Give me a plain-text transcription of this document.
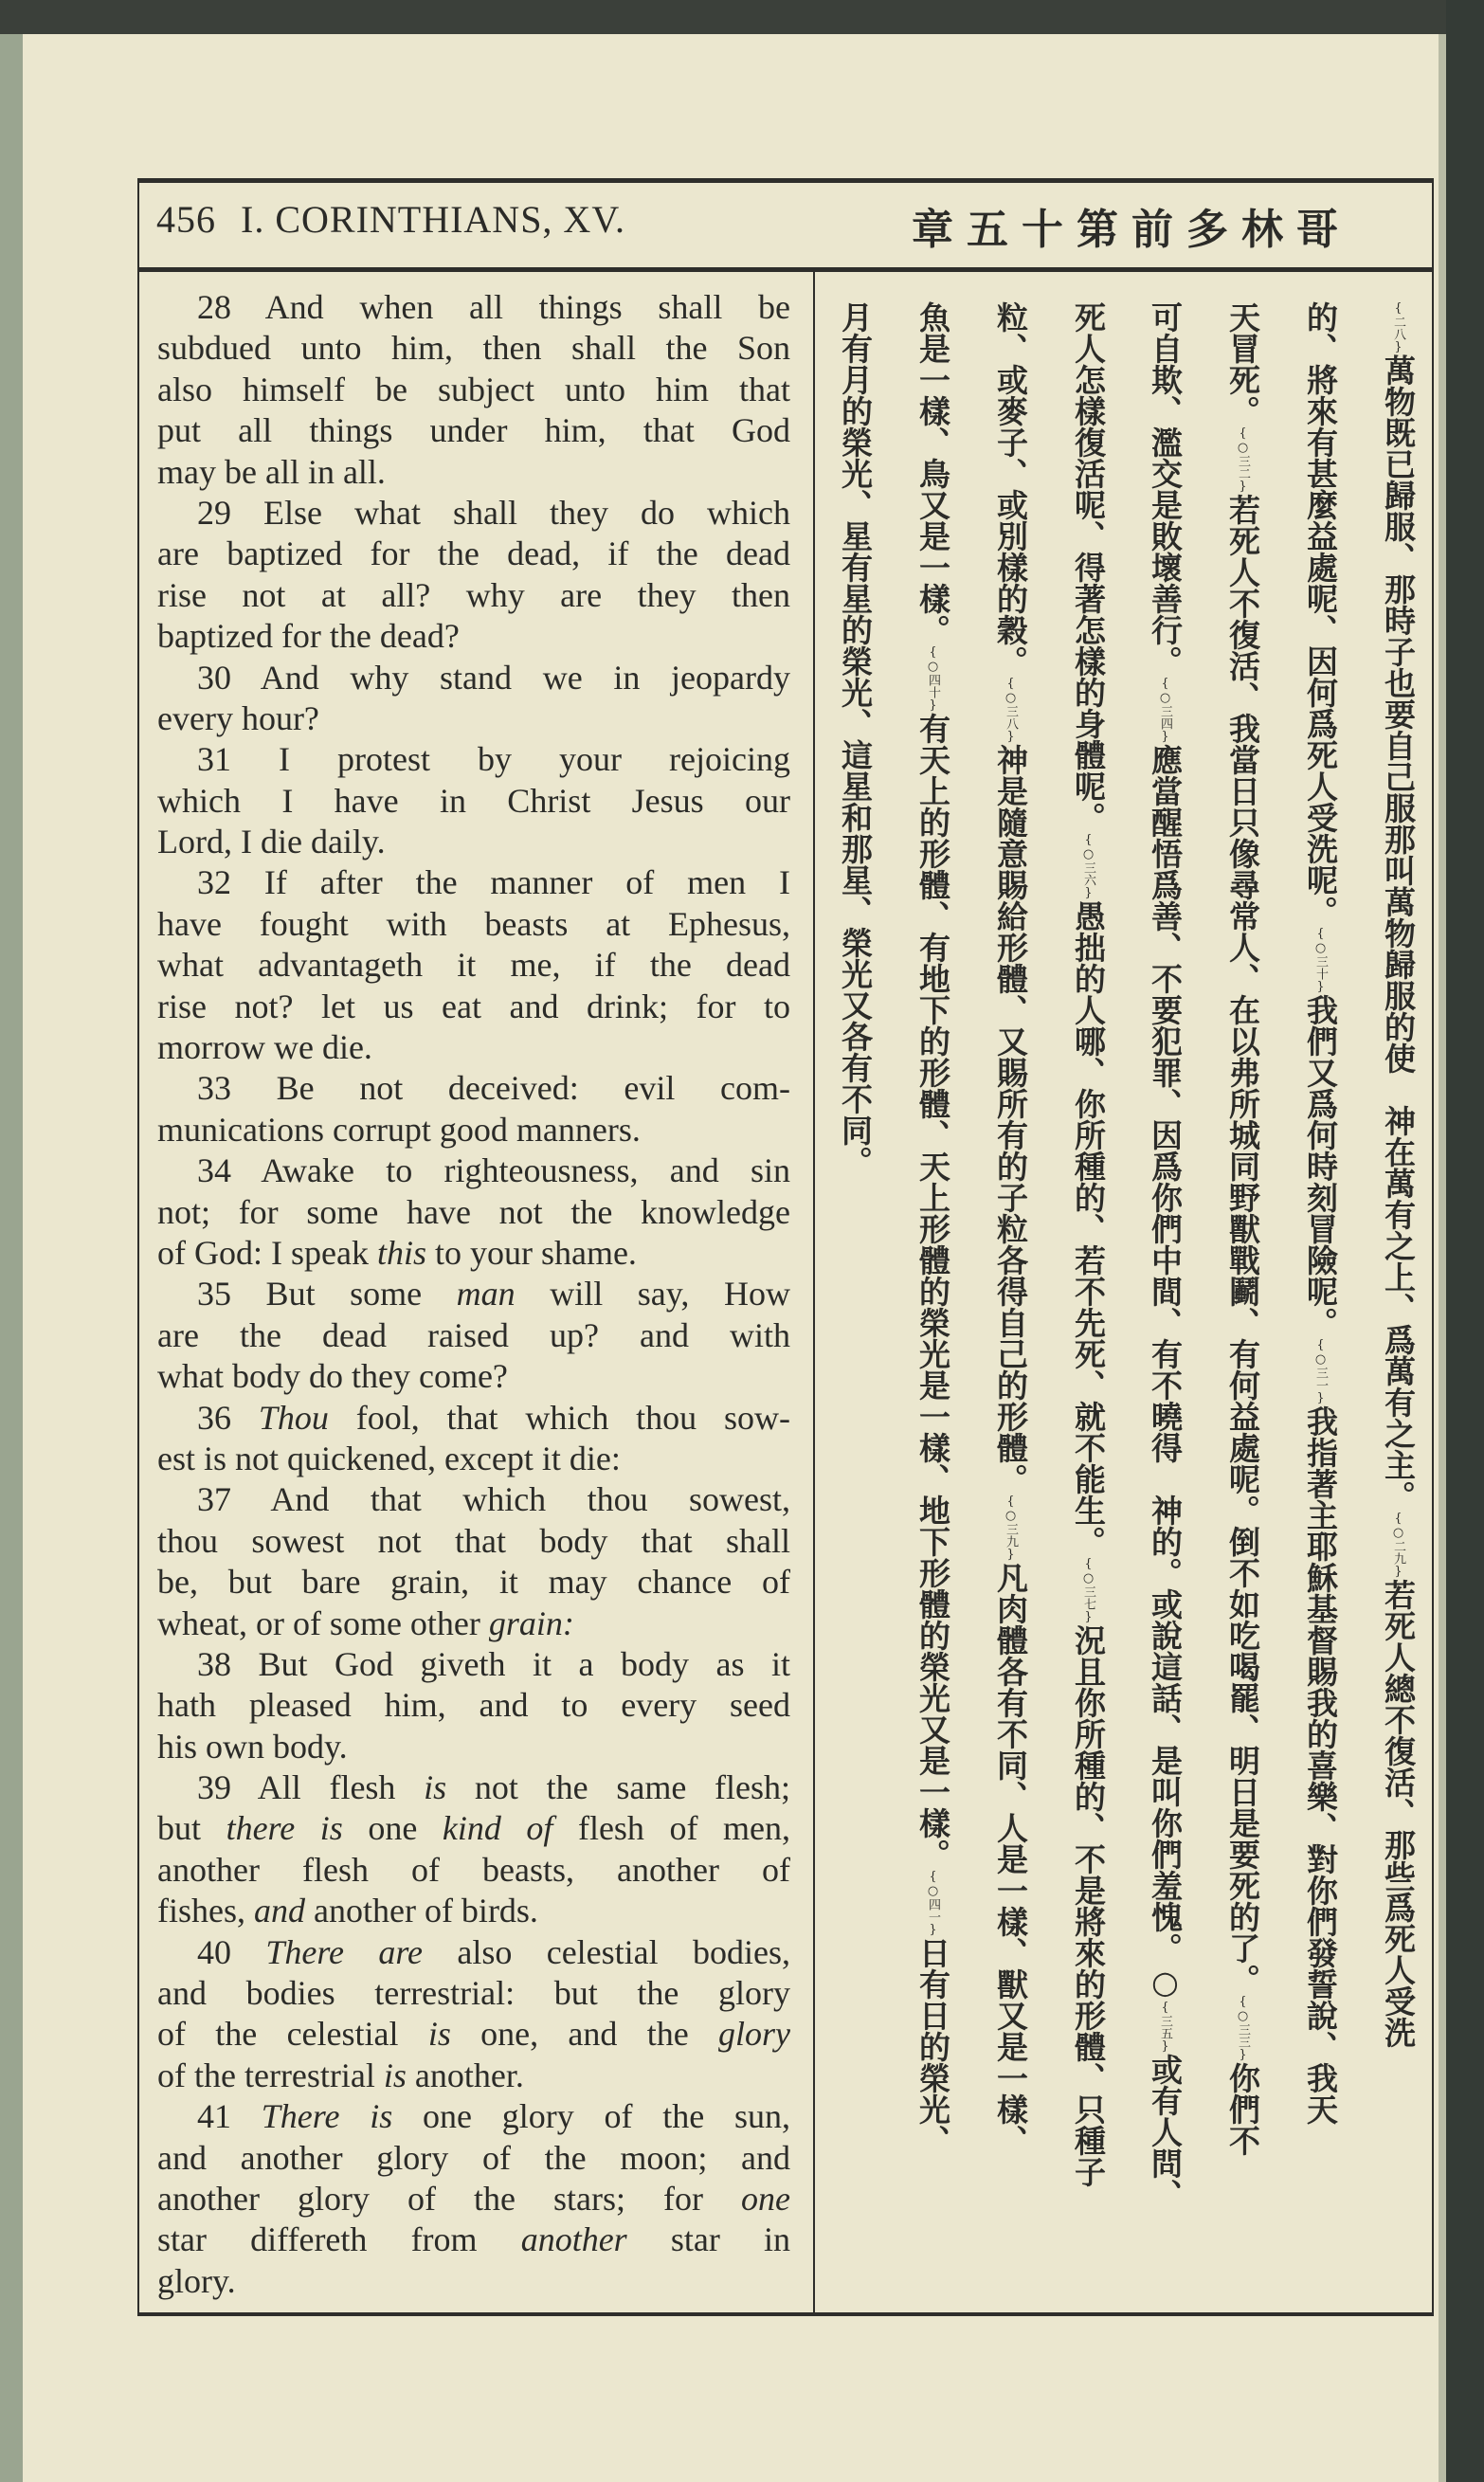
456 I. CORINTHIANS, XV.	哥林多前第十五章
28 And when all things shall be
subdued unto him, then shall the Son
also himself be subject unto him that
put all things under him, that God
may be all in all.
29 Else what shall they do which
are baptized for the dead, if the dead
rise not at all? why are they then
baptized for the dead?
30 And why stand we in jeopardy
every hour?
31 I protest by your rejoicing
which I have in Christ Jesus our
Lord, I die daily.
32 If after the manner of men I
have fought with beasts at Ephesus,
what advantageth it me, if the dead
rise not? let us eat and drink; for to
morrow we die.
33 Be not deceived: evil com-
munications corrupt good manners.
34 Awake to righteousness, and sin
not; for some have not the knowledge
of God: I speak this to your shame.
35 But some man will say, How
are the dead raised up? and with
what body do they come?
36 Thou fool, that which thou sow-
est is not quickened, except it die:
37 And that which thou sowest,
thou sowest not that body that shall
be, but bare grain, it may chance of
wheat, or of some other grain:
38 But God giveth it a body as it
hath pleased him, and to every seed
his own body.
39 All flesh is not the same flesh;
but there is one kind of flesh of men,
another flesh of beasts, another of
fishes, and another of birds.
40 There are also celestial bodies,
and bodies terrestrial: but the glory
of the celestial is one, and the glory
of the terrestrial is another.
41 There is one glory of the sun,
and another glory of the moon; and
another glory of the stars; for one
star differeth from another star in
glory.
{二八}萬物既已歸服、那時子也要自己服那叫萬物歸服的使　神在萬有之上、爲萬有之主。{○二九}若死人總不復活、那些爲死人受洗
的、將來有甚麼益處呢、因何爲死人受洗呢。{○三十}我們又爲何時刻冒險呢。{○三一}我指著主耶穌基督賜我的喜樂、對你們發誓說、我天
天冒死。{○三二}若死人不復活、我當日只像尋常人、在以弗所城同野獸戰鬬、有何益處呢。倒不如吃喝罷、明日是要死的了。{○三三}你們不
可自欺、濫交是敗壞善行。{○三四}應當醒悟爲善、不要犯罪、因爲你們中間、有不曉得　神的。或說這話、是叫你們羞愧。○{三五}或有人問、
死人怎樣復活呢、得著怎樣的身體呢。{○三六}愚拙的人哪、你所種的、若不先死、就不能生。{○三七}況且你所種的、不是將來的形體、只種子
粒、或麥子、或別樣的穀。{○三八}神是隨意賜給形體、又賜所有的子粒各得自己的形體。{○三九}凡肉體各有不同、人是一樣、獸又是一樣、
魚是一樣、鳥又是一樣。{○四十}有天上的形體、有地下的形體、天上形體的榮光是一樣、地下形體的榮光又是一樣。{○四一}日有日的榮光、
月有月的榮光、星有星的榮光、這星和那星、榮光又各有不同。
